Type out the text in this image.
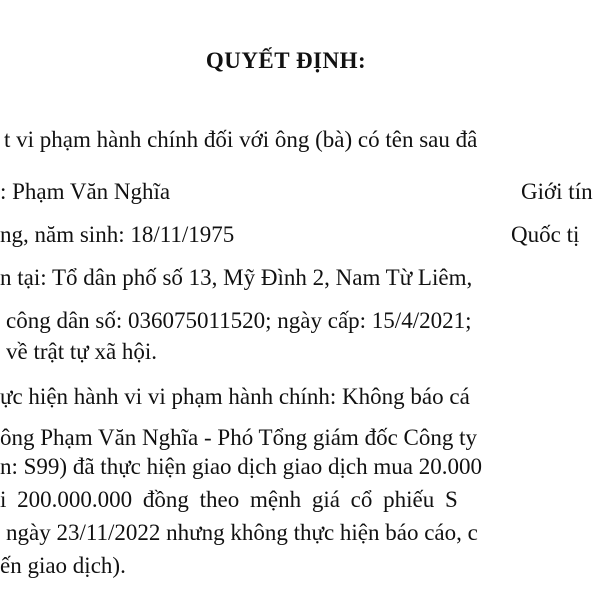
QUYẾT ĐỊNH:
t vi phạm hành chính đối với ông (bà) có tên sau đâ
: Phạm Văn Nghĩa	Giới tín
ng, năm sinh: 18/11/1975	Quốc tị
n tại: Tổ dân phố số 13, Mỹ Đình 2, Nam Từ Liêm,
công dân số: 036075011520; ngày cấp: 15/4/2021;
về trật tự xã hội.
ực hiện hành vi vi phạm hành chính: Không báo cá
ông Phạm Văn Nghĩa - Phó Tổng giám đốc Công ty
n: S99) đã thực hiện giao dịch giao dịch mua 20.000
i 200.000.000 đồng theo mệnh giá cổ phiếu S
ngày 23/11/2022 nhưng không thực hiện báo cáo, c
ến giao dịch).
